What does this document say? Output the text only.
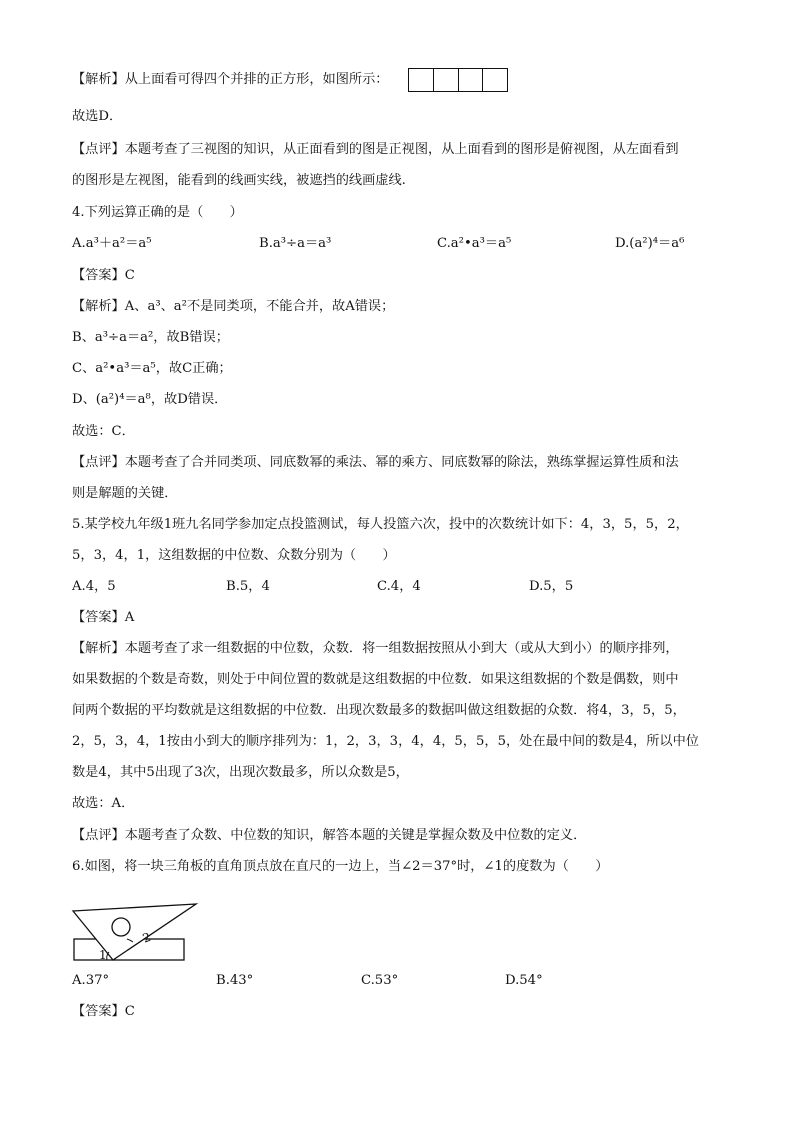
【解析】从上面看可得四个并排的正方形，如图所示：
故选D．
【点评】本题考查了三视图的知识，从正面看到的图是正视图，从上面看到的图形是俯视图，从左面看到
的图形是左视图，能看到的线画实线，被遮挡的线画虚线.
4.下列运算正确的是（　　）
A.a³＋a²＝a⁵	B.a³÷a＝a³	C.a²•a³＝a⁵	D.(a²)⁴＝a⁶
【答案】C
【解析】A、a³、a²不是同类项，不能合并，故A错误；
B、a³÷a＝a²，故B错误；
C、a²•a³＝a⁵，故C正确；
D、(a²)⁴＝a⁸，故D错误．
故选：C．
【点评】本题考查了合并同类项、同底数幂的乘法、幂的乘方、同底数幂的除法，熟练掌握运算性质和法
则是解题的关键．
5.某学校九年级1班九名同学参加定点投篮测试，每人投篮六次，投中的次数统计如下：4，3，5，5，2，
5，3，4，1，这组数据的中位数、众数分别为（　　）
A.4，5	B.5，4	C.4，4	D.5，5
【答案】A
【解析】本题考查了求一组数据的中位数，众数．将一组数据按照从小到大（或从大到小）的顺序排列，
如果数据的个数是奇数，则处于中间位置的数就是这组数据的中位数．如果这组数据的个数是偶数，则中
间两个数据的平均数就是这组数据的中位数．出现次数最多的数据叫做这组数据的众数．将4，3，5，5，
2，5，3，4，1按由小到大的顺序排列为：1，2，3，3，4，4，5，5，5，处在最中间的数是4，所以中位
数是4，其中5出现了3次，出现次数最多，所以众数是5，
故选：A．
【点评】本题考查了众数、中位数的知识，解答本题的关键是掌握众数及中位数的定义．
6.如图，将一块三角板的直角顶点放在直尺的一边上，当∠2＝37°时，∠1的度数为（　　）
1
2
A.37°	B.43°	C.53°	D.54°
【答案】C
